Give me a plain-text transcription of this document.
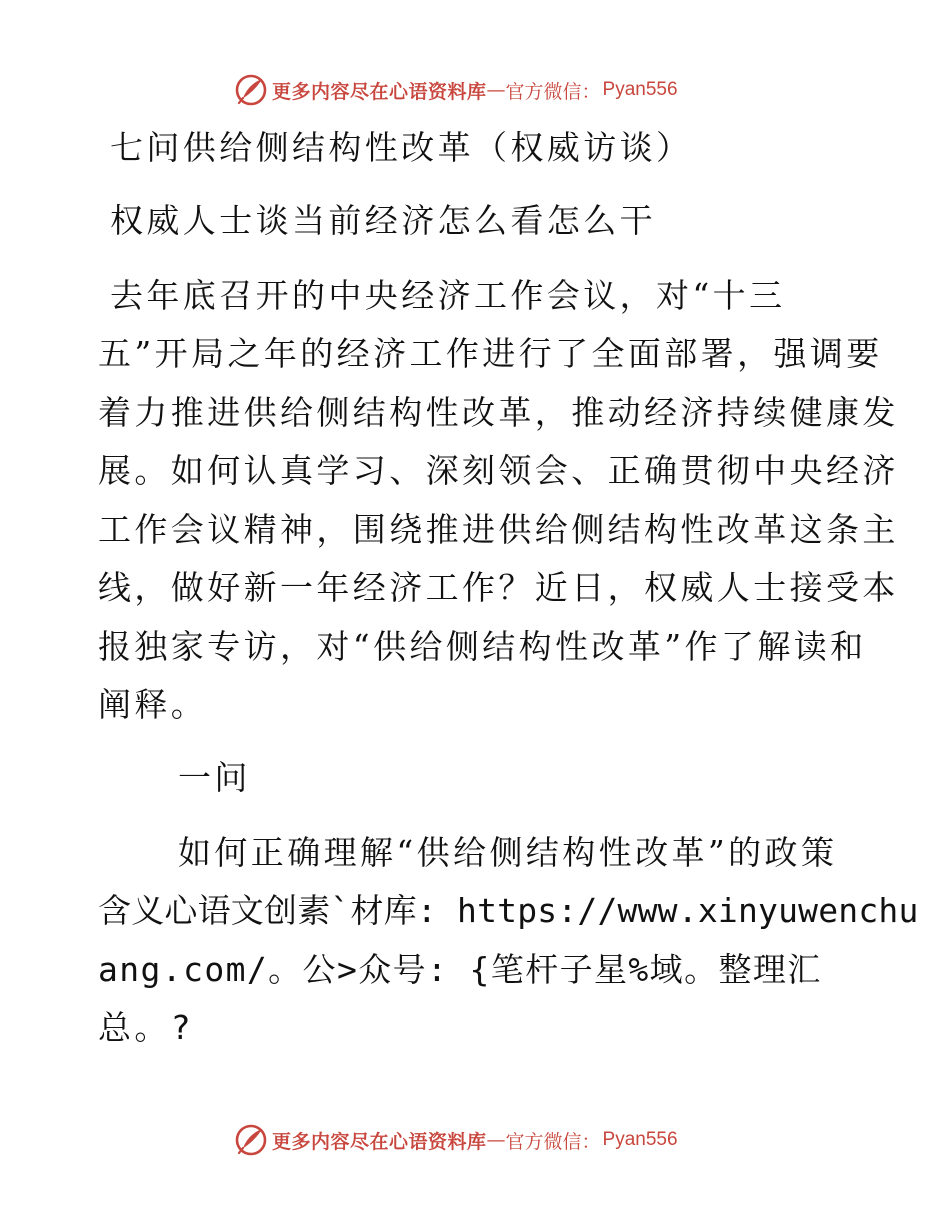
更多内容尽在心语资料库 — 官方微信： Pyan556
七问供给侧结构性改革（权威访谈）
权威人士谈当前经济怎么看怎么干
去年底召开的中央经济工作会议，对“十三
五”开局之年的经济工作进行了全面部署，强调要
着力推进供给侧结构性改革，推动经济持续健康发
展。如何认真学习、深刻领会、正确贯彻中央经济
工作会议精神，围绕推进供给侧结构性改革这条主
线，做好新一年经济工作？近日，权威人士接受本
报独家专访，对“供给侧结构性改革”作了解读和
阐释。
一问
如何正确理解“供给侧结构性改革”的政策
含义心语文创素`材库: https://www.xinyuwenchu
ang.com/。公>众号: {笔杆子星%域。整理汇
总。?
更多内容尽在心语资料库 — 官方微信： Pyan556
